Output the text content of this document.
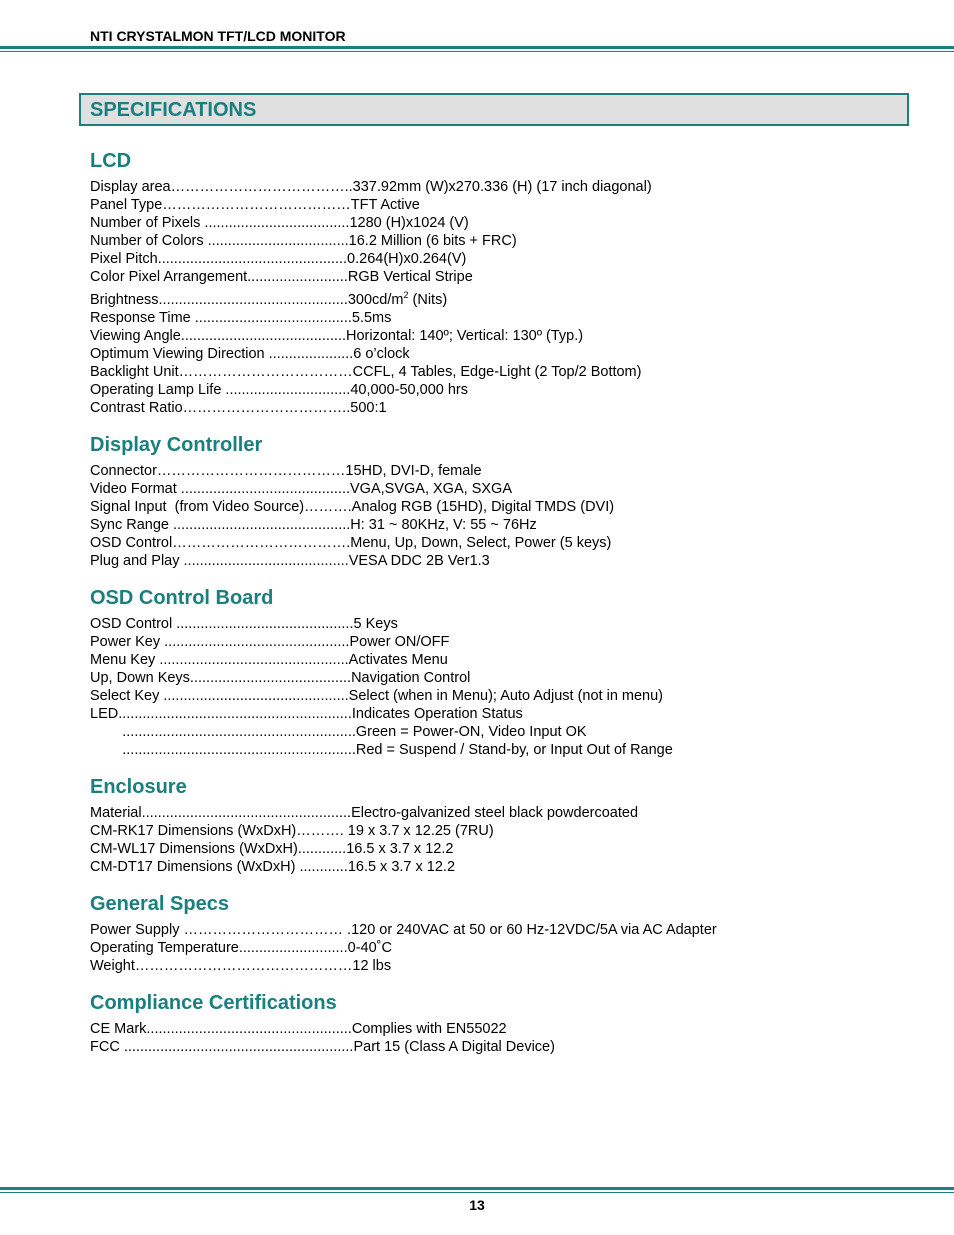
NTI CRYSTALMON TFT/LCD MONITOR
SPECIFICATIONS
LCD
Display area………………………………..337.92mm (W)x270.336 (H) (17 inch diagonal)
Panel Type…………………………………TFT Active
Number of Pixels ....................................1280 (H)x1024 (V)
Number of Colors ...................................16.2 Million (6 bits + FRC)
Pixel Pitch...............................................0.264(H)x0.264(V)
Color Pixel Arrangement.........................RGB Vertical Stripe
$Brightness...............................................300cd/m^2$ (Nits)
Response Time .......................................5.5ms
Viewing Angle.........................................Horizontal: 140º; Vertical: 130º (Typ.)
Optimum Viewing Direction .....................6 o’clock
Backlight Unit………………………………CCFL, 4 Tables, Edge-Light (2 Top/2 Bottom)
Operating Lamp Life ...............................40,000-50,000 hrs
Contrast Ratio……………………………..500:1
Display Controller
Connector…………………………………15HD, DVI-D, female
Video Format ..........................................VGA,SVGA, XGA, SXGA
Signal Input  (from Video Source)……….Analog RGB (15HD), Digital TMDS (DVI)
Sync Range ............................................H: 31 ~ 80KHz, V: 55 ~ 76Hz
OSD Control……………………………….Menu, Up, Down, Select, Power (5 keys)
Plug and Play .........................................VESA DDC 2B Ver1.3
OSD Control Board
OSD Control ............................................5 Keys
Power Key ..............................................Power ON/OFF
Menu Key ...............................................Activates Menu
Up, Down Keys........................................Navigation Control
Select Key ..............................................Select (when in Menu); Auto Adjust (not in menu)
LED..........................................................Indicates Operation Status
..........................................................Green = Power-ON, Video Input OK
..........................................................Red = Suspend / Stand-by, or Input Out of Range
Enclosure
Material....................................................Electro-galvanized steel black powdercoated
CM-RK17 Dimensions (WxDxH)………. 19 x 3.7 x 12.25 (7RU)
CM-WL17 Dimensions (WxDxH)............16.5 x 3.7 x 12.2
CM-DT17 Dimensions (WxDxH) ............16.5 x 3.7 x 12.2
General Specs
Power Supply …………………………… .120 or 240VAC at 50 or 60 Hz-12VDC/5A via AC Adapter
Operating Temperature...........................0-40˚C
Weight………………………………………12 lbs
Compliance Certifications
CE Mark...................................................Complies with EN55022
FCC .........................................................Part 15 (Class A Digital Device)
13
